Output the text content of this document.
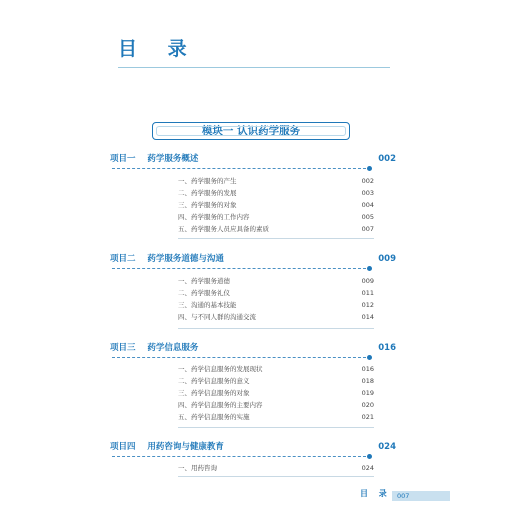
目 录
模块一 认识药学服务
项目一    药学服务概述	002
一、药学服务的产生	002
二、药学服务的发展	003
三、药学服务的对象	004
四、药学服务的工作内容	005
五、药学服务人员应具备的素质	007
项目二    药学服务道德与沟通	009
一、药学服务道德	009
二、药学服务礼仪	011
三、沟通的基本技能	012
四、与不同人群的沟通交流	014
项目三    药学信息服务	016
一、药学信息服务的发展现状	016
二、药学信息服务的意义	018
三、药学信息服务的对象	019
四、药学信息服务的主要内容	020
五、药学信息服务的实施	021
项目四    用药咨询与健康教育	024
一、用药咨询	024
目 录 007
